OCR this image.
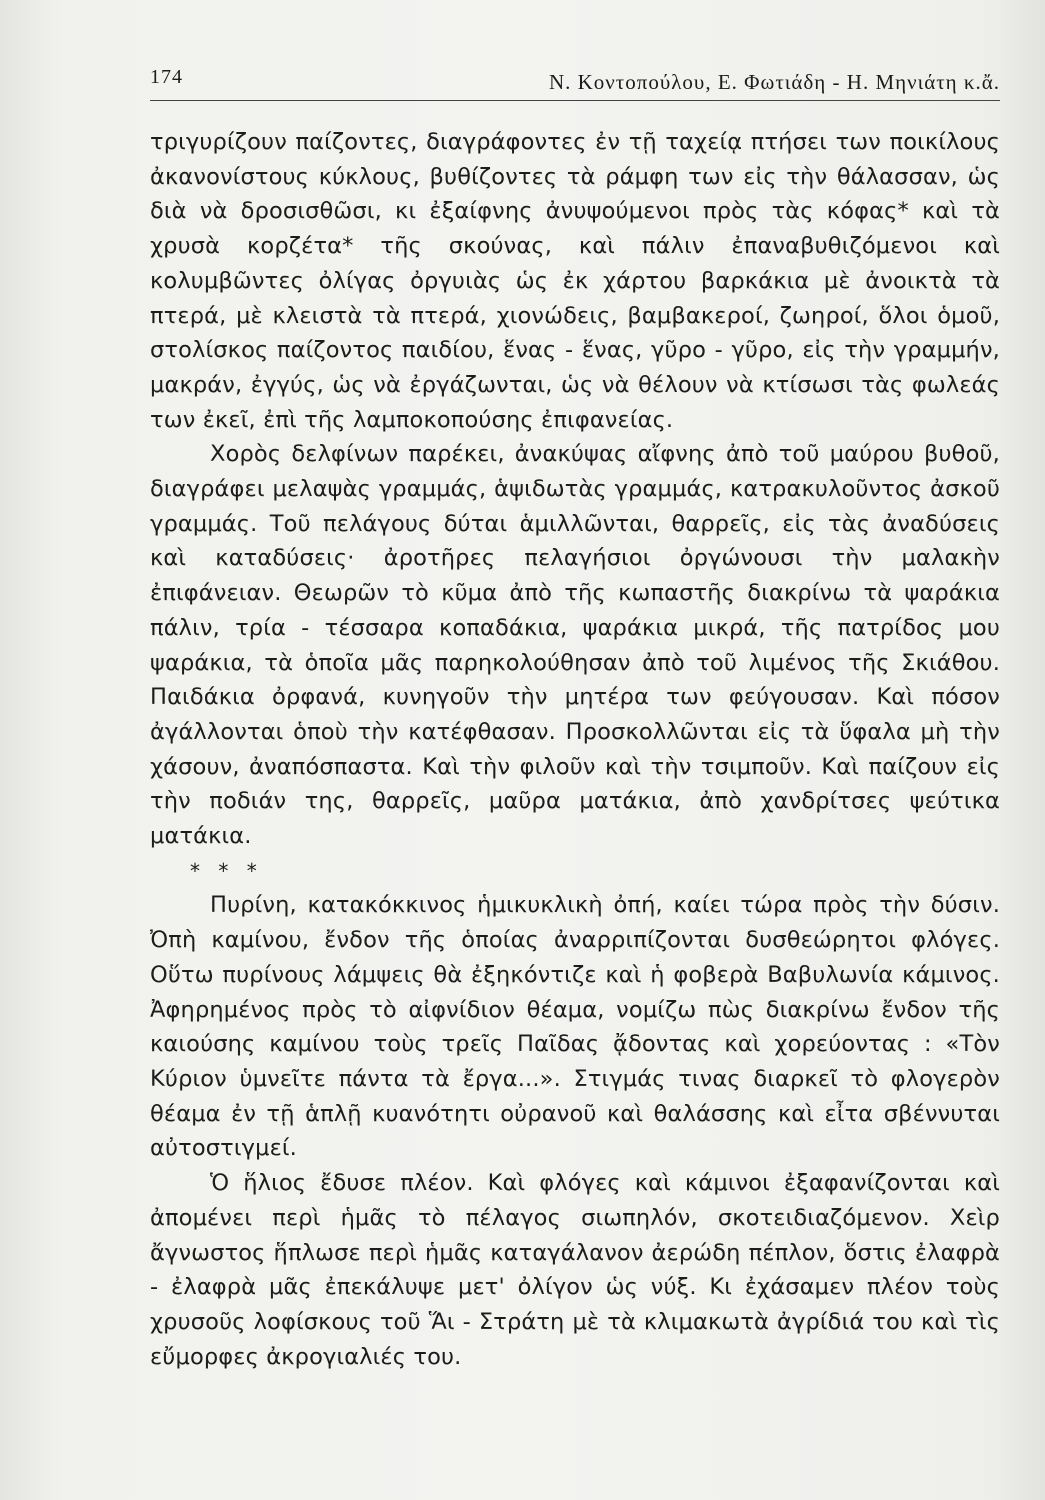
174	Ν. Κοντοπούλου, Ε. Φωτιάδη - Η. Μηνιάτη κ.ἄ.

τριγυρίζουν παίζοντες, διαγράφοντες ἐν τῇ ταχείᾳ πτήσει των ποικίλους ἀκανονίστους κύκλους, βυθίζοντες τὰ ράμφη των εἰς τὴν θάλασσαν, ὡς διὰ νὰ δροσισθῶσι, κι ἐξαίφνης ἀνυψούμενοι πρὸς τὰς κόφας* καὶ τὰ χρυσὰ κορζέτα* τῆς σκούνας, καὶ πάλιν ἐπαναβυθιζόμενοι καὶ κολυμβῶντες ὀλίγας ὀργυιὰς ὡς ἐκ χάρτου βαρκάκια μὲ ἀνοικτὰ τὰ πτερά, μὲ κλειστὰ τὰ πτερά, χιονώδεις, βαμβακεροί, ζωηροί, ὅλοι ὁμοῦ, στολίσκος παίζοντος παιδίου, ἕνας - ἕνας, γῦρο - γῦρο, εἰς τὴν γραμμήν, μακράν, ἐγγύς, ὡς νὰ ἐργάζωνται, ὡς νὰ θέλουν νὰ κτίσωσι τὰς φωλεάς των ἐκεῖ, ἐπὶ τῆς λαμποκοπούσης ἐπιφανείας.

Χορὸς δελφίνων παρέκει, ἀνακύψας αἴφνης ἀπὸ τοῦ μαύρου βυθοῦ, διαγράφει μελαψὰς γραμμάς, ἁψιδωτὰς γραμμάς, κατρακυλοῦντος ἀσκοῦ γραμμάς. Τοῦ πελάγους δύται ἁμιλλῶνται, θαρρεῖς, εἰς τὰς ἀναδύσεις καὶ καταδύσεις· ἀροτῆρες πελαγήσιοι ὀργώνουσι τὴν μαλακὴν ἐπιφάνειαν. Θεωρῶν τὸ κῦμα ἀπὸ τῆς κωπαστῆς διακρίνω τὰ ψαράκια πάλιν, τρία - τέσσαρα κοπαδάκια, ψαράκια μικρά, τῆς πατρίδος μου ψαράκια, τὰ ὁποῖα μᾶς παρηκολούθησαν ἀπὸ τοῦ λιμένος τῆς Σκιάθου. Παιδάκια ὀρφανά, κυνηγοῦν τὴν μητέρα των φεύγουσαν. Καὶ πόσον ἀγάλλονται ὁποὺ τὴν κατέφθασαν. Προσκολλῶνται εἰς τὰ ὕφαλα μὴ τὴν χάσουν, ἀναπόσπαστα. Καὶ τὴν φιλοῦν καὶ τὴν τσιμποῦν. Καὶ παίζουν εἰς τὴν ποδιάν της, θαρρεῖς, μαῦρα ματάκια, ἀπὸ χανδρίτσες ψεύτικα ματάκια.

* * *

Πυρίνη, κατακόκκινος ἡμικυκλικὴ ὀπή, καίει τώρα πρὸς τὴν δύσιν. Ὀπὴ καμίνου, ἔνδον τῆς ὁποίας ἀναρριπίζονται δυσθεώρητοι φλόγες. Οὕτω πυρίνους λάμψεις θὰ ἐξηκόντιζε καὶ ἡ φοβερὰ Βαβυλωνία κάμινος. Ἀφηρημένος πρὸς τὸ αἰφνίδιον θέαμα, νομίζω πὼς διακρίνω ἔνδον τῆς καιούσης καμίνου τοὺς τρεῖς Παῖδας ᾄδοντας καὶ χορεύοντας : «Τὸν Κύριον ὑμνεῖτε πάντα τὰ ἔργα...». Στιγμάς τινας διαρκεῖ τὸ φλογερὸν θέαμα ἐν τῇ ἁπλῇ κυανότητι οὐρανοῦ καὶ θαλάσσης καὶ εἶτα σβέννυται αὐτοστιγμεί.

Ὁ ἥλιος ἔδυσε πλέον. Καὶ φλόγες καὶ κάμινοι ἐξαφανίζονται καὶ ἀπομένει περὶ ἡμᾶς τὸ πέλαγος σιωπηλόν, σκοτειδιαζόμενον. Χεὶρ ἄγνωστος ἥπλωσε περὶ ἡμᾶς καταγάλανον ἀερώδη πέπλον, ὅστις ἐλαφρὰ - ἐλαφρὰ μᾶς ἐπεκάλυψε μετ' ὀλίγον ὡς νύξ. Κι ἐχάσαμεν πλέον τοὺς χρυσοῦς λοφίσκους τοῦ Ἅι - Στράτη μὲ τὰ κλιμακωτὰ ἀγρίδιά του καὶ τὶς εὔμορφες ἀκρογιαλιές του.
